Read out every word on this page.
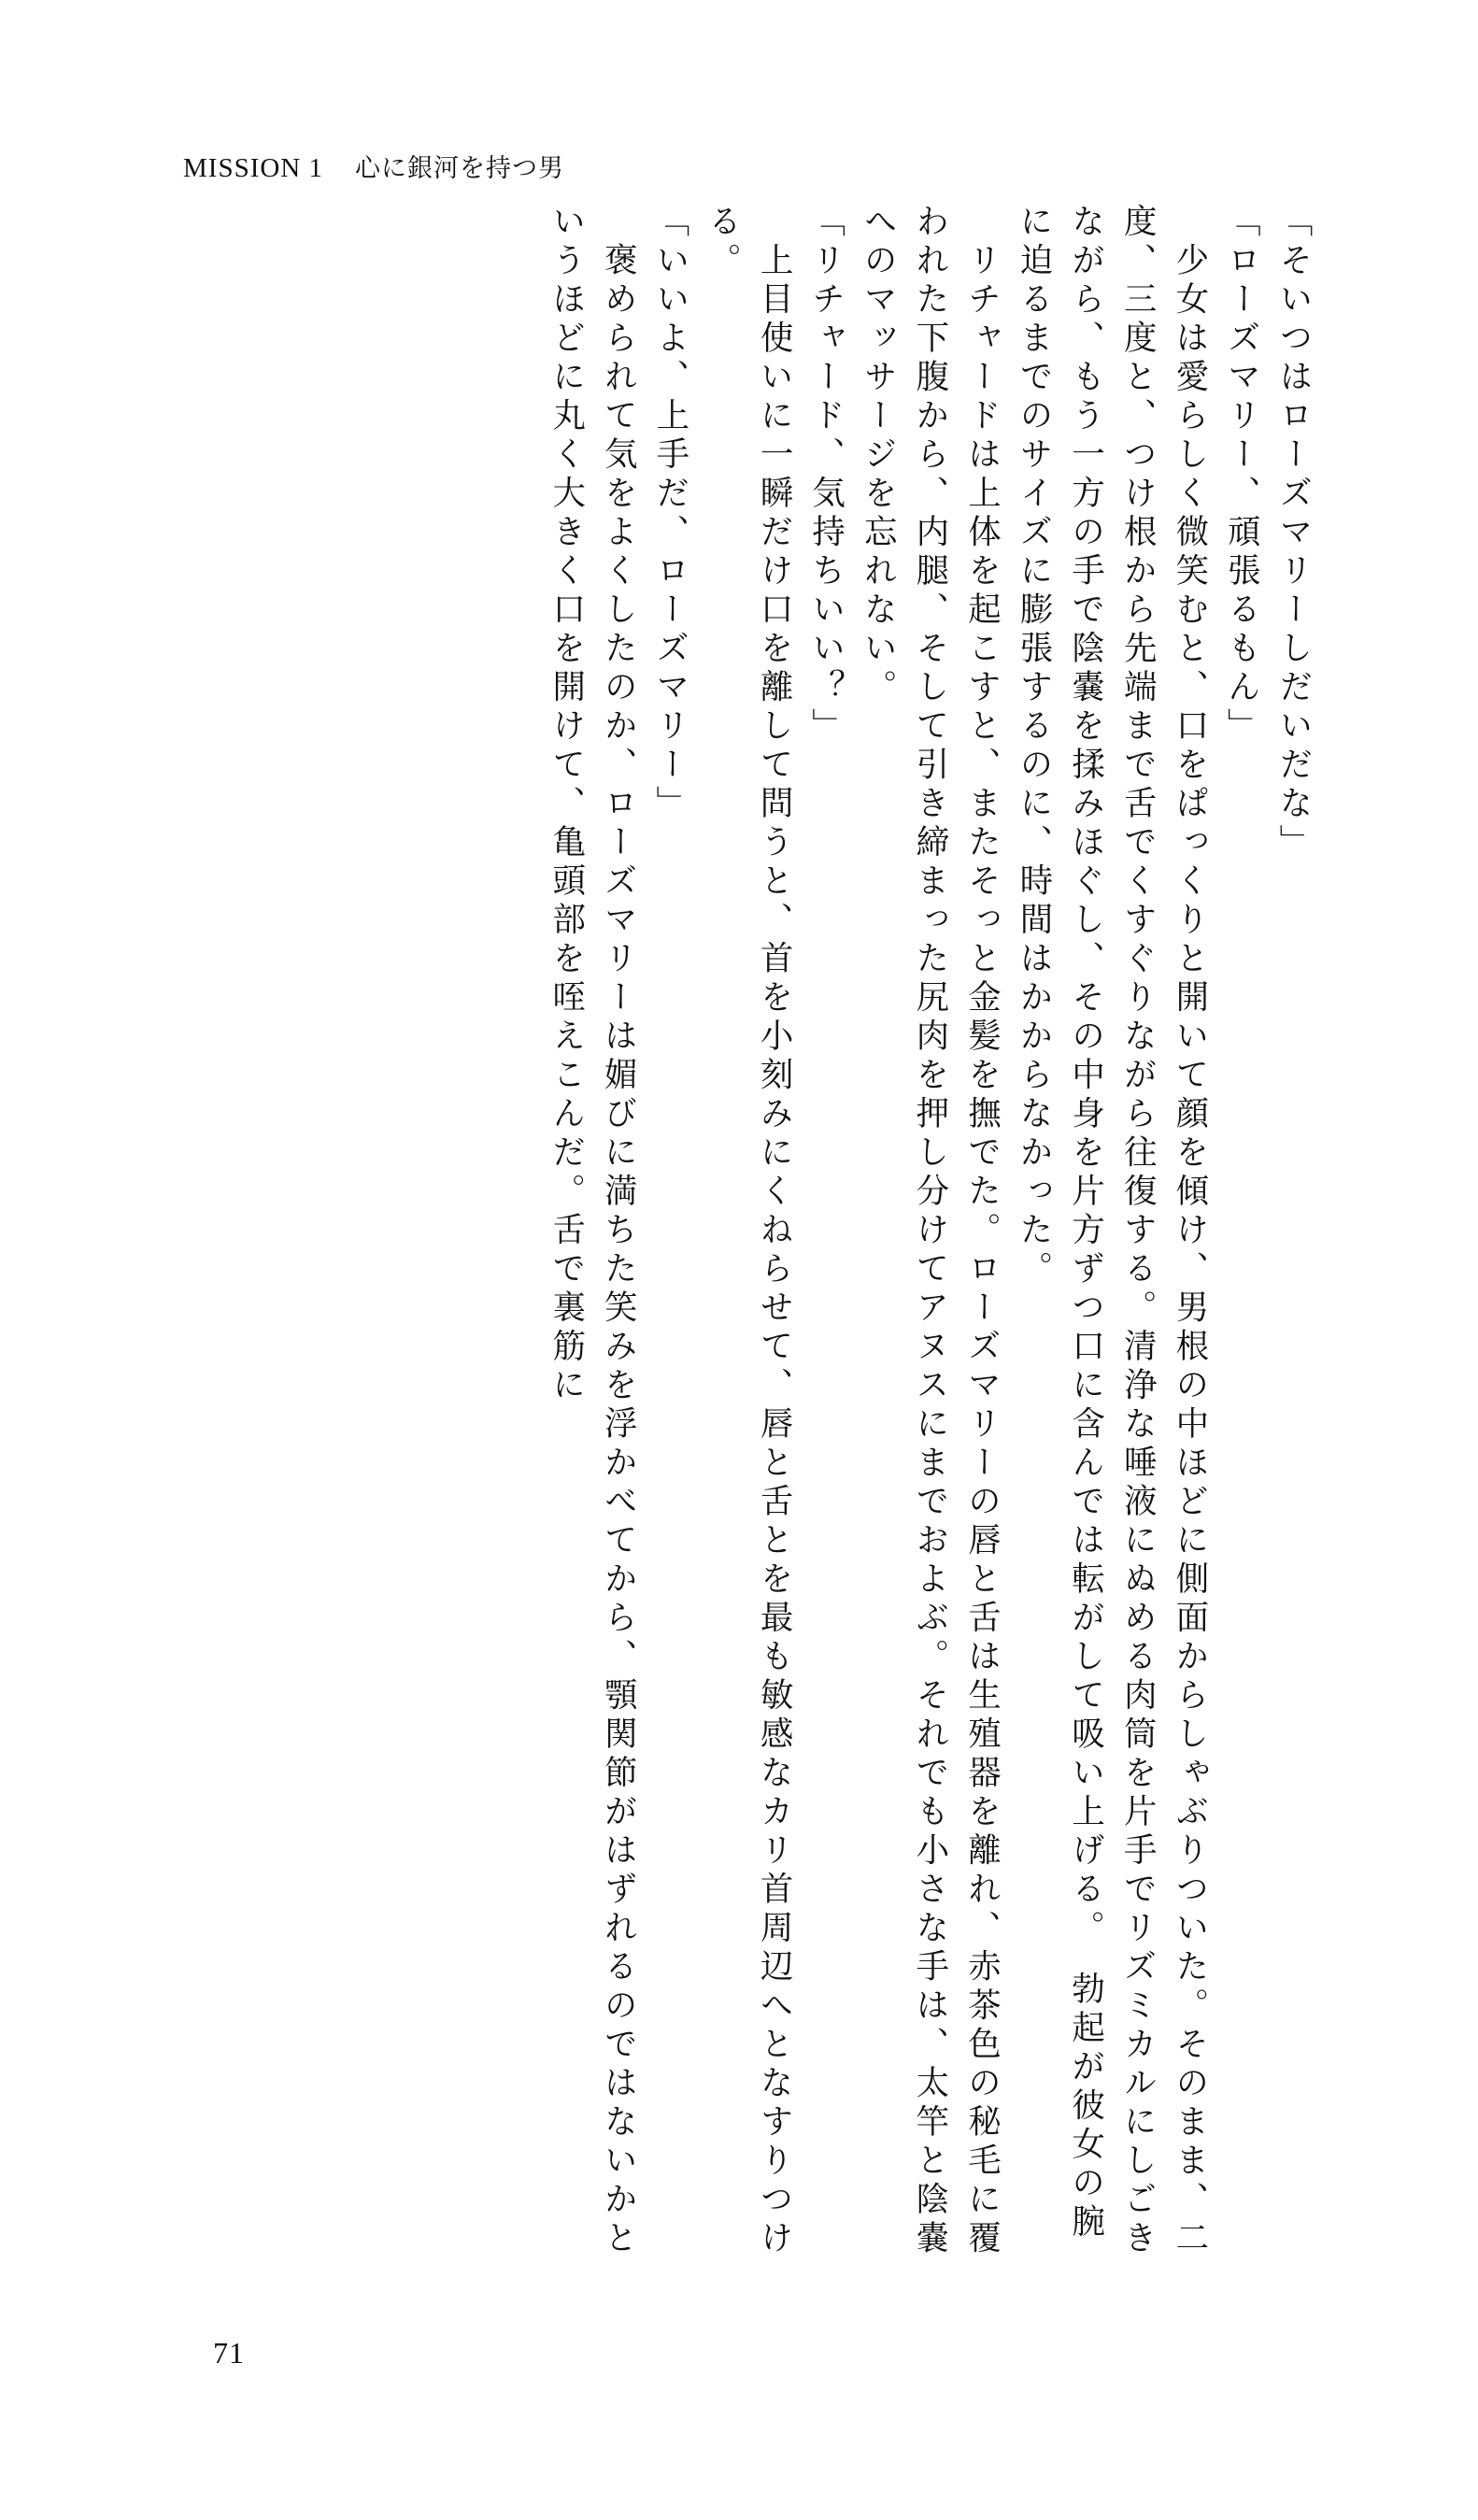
MISSION 1 心に銀河を持つ男
「そいつはローズマリーしだいだな」
「ローズマリー、頑張るもん」
　少女は愛らしく微笑むと、口をぱっくりと開いて顔を傾け、男根の中ほどに側面からしゃぶりついた。そのまま、二
度、三度と、つけ根から先端まで舌でくすぐりながら往復する。清浄な唾液にぬめる肉筒を片手でリズミカルにしごき
ながら、もう一方の手で陰嚢を揉みほぐし、その中身を片方ずつ口に含んでは転がして吸い上げる。　勃起が彼女の腕
に迫るまでのサイズに膨張するのに、時間はかからなかった。
　リチャードは上体を起こすと、またそっと金髪を撫でた。ローズマリーの唇と舌は生殖器を離れ、赤茶色の秘毛に覆
われた下腹から、内腿、そして引き締まった尻肉を押し分けてアヌスにまでおよぶ。それでも小さな手は、太竿と陰嚢
へのマッサージを忘れない。
「リチャード、気持ちいい？」
　上目使いに一瞬だけ口を離して問うと、首を小刻みにくねらせて、唇と舌とを最も敏感なカリ首周辺へとなすりつけ
る。
「いいよ、上手だ、ローズマリー」
　褒められて気をよくしたのか、ローズマリーは媚びに満ちた笑みを浮かべてから、顎関節がはずれるのではないかと
いうほどに丸く大きく口を開けて、亀頭部を咥えこんだ。舌で裏筋に
71
